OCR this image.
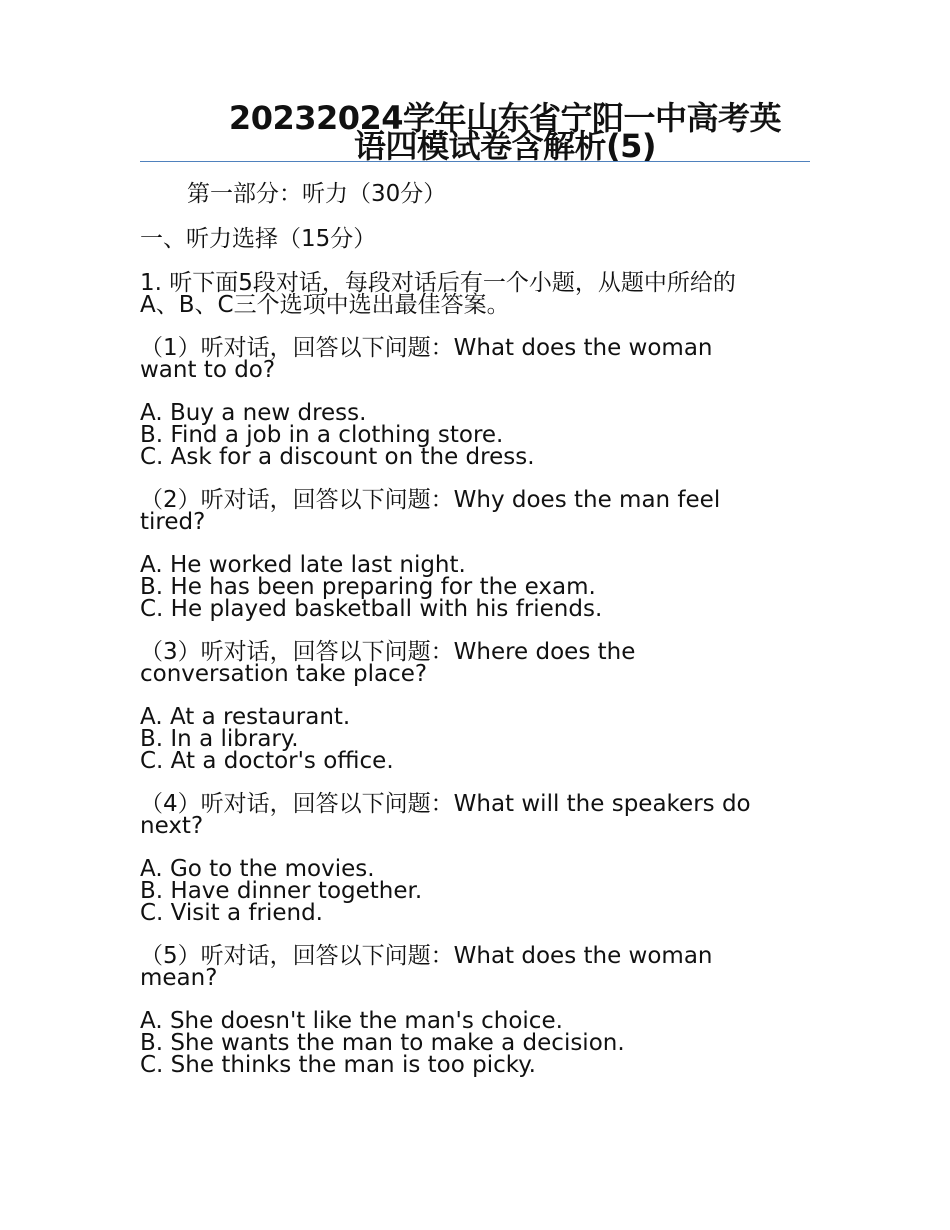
20232024学年山东省宁阳一中高考英
语四模试卷含解析(5)
第一部分：听力（30分）
一、听力选择（15分）
1. 听下面5段对话，每段对话后有一个小题，从题中所给的
A、B、C三个选项中选出最佳答案。
（1）听对话，回答以下问题：What does the woman
want to do?
A. Buy a new dress.
B. Find a job in a clothing store.
C. Ask for a discount on the dress.
（2）听对话，回答以下问题：Why does the man feel
tired?
A. He worked late last night.
B. He has been preparing for the exam.
C. He played basketball with his friends.
（3）听对话，回答以下问题：Where does the
conversation take place?
A. At a restaurant.
B. In a library.
C. At a doctor's office.
（4）听对话，回答以下问题：What will the speakers do
next?
A. Go to the movies.
B. Have dinner together.
C. Visit a friend.
（5）听对话，回答以下问题：What does the woman
mean?
A. She doesn't like the man's choice.
B. She wants the man to make a decision.
C. She thinks the man is too picky.
